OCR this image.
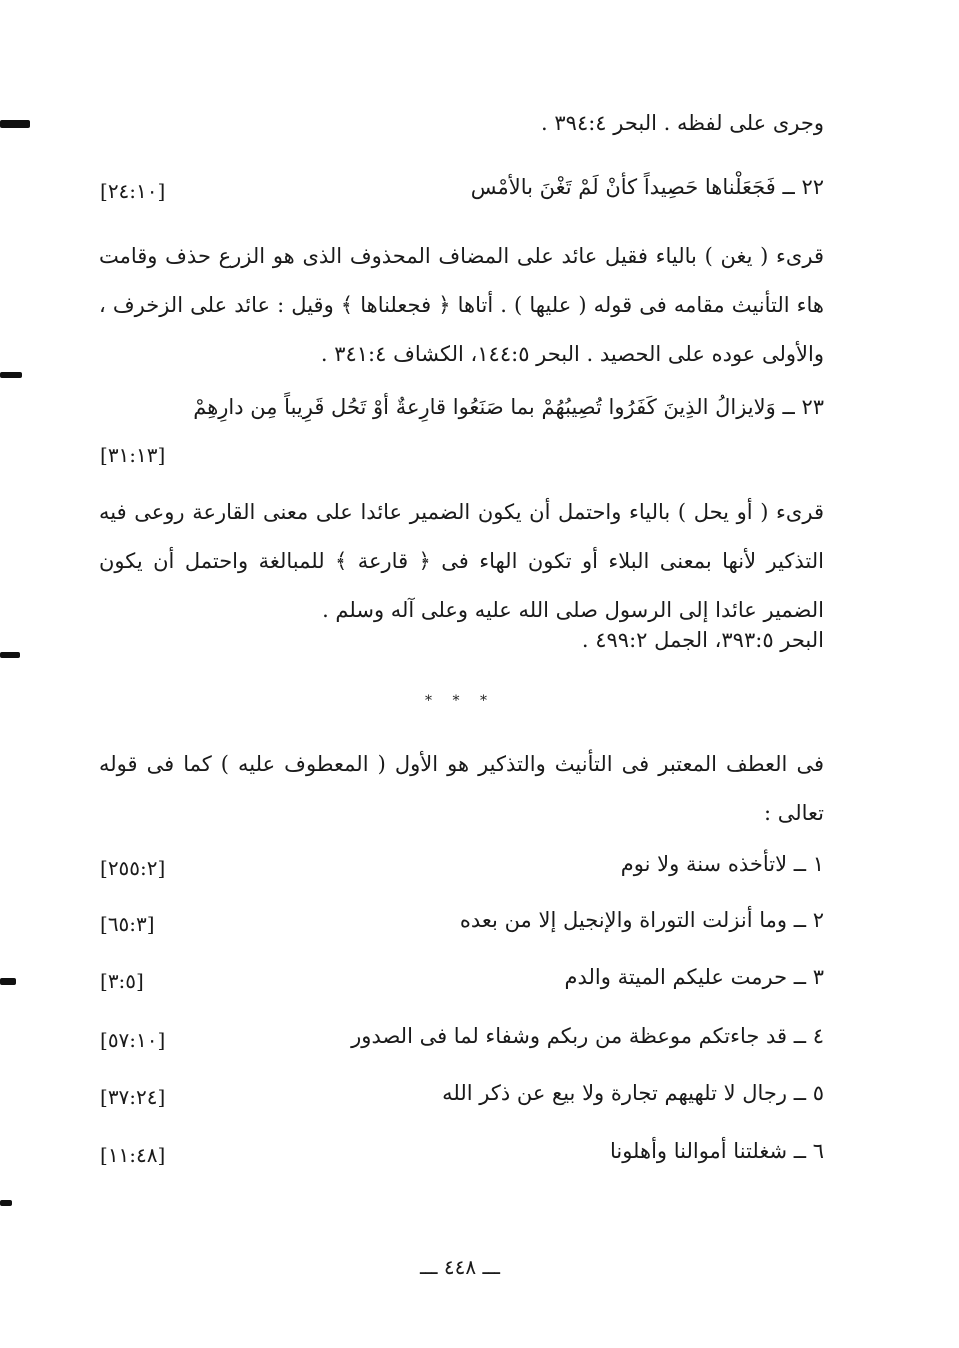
وجرى على لفظه . البحر ٣٩٤:٤ .
٢٢ ــ فَجَعَلْناها حَصِيداً كأنْ لَمْ تَغْنَ بالأمْس
[٢٤:١٠]
قرىء ( يغن ) بالياء فقيل عائد على المضاف المحذوف الذى هو الزرع حذف وقامت هاء التأنيث مقامه فى قوله ( عليها ) . أتاها ﴿ فجعلناها ﴾ وقيل : عائد على الزخرف ، والأولى عوده على الحصيد . البحر ١٤٤:٥، الكشاف ٣٤١:٤ .
٢٣ ــ وَلايزالُ الذِينَ كَفَرُوا تُصِيبُهُمْ بما صَنَعُوا قارِعةٌ أوْ تَحُل قَرِيباً مِن دارِهِمْ
[٣١:١٣]
قرىء ( أو يحل ) بالياء واحتمل أن يكون الضمير عائدا على معنى القارعة روعى فيه التذكير لأنها بمعنى البلاء أو تكون الهاء فى ﴿ قارعة ﴾ للمبالغة واحتمل أن يكون الضمير عائدا إلى الرسول صلى الله عليه وعلى آله وسلم .
البحر ٣٩٣:٥، الجمل ٤٩٩:٢ .
* * *
فى العطف المعتبر فى التأنيث والتذكير هو الأول ( المعطوف عليه ) كما فى قوله تعالى :
١ ــ لاتأخذه سنة ولا نوم
[٢٥٥:٢]
٢ ــ وما أنزلت التوراة والإنجيل إلا من بعده
[٦٥:٣]
٣ ــ حرمت عليكم الميتة والدم
[٣:٥]
٤ ــ قد جاءتكم موعظة من ربكم وشفاء لما فى الصدور
[٥٧:١٠]
٥ ــ رجال لا تلهيهم تجارة ولا بيع عن ذكر الله
[٣٧:٢٤]
٦ ــ شغلتنا أموالنا وأهلونا
[١١:٤٨]
ـــ ٤٤٨ ـــ
